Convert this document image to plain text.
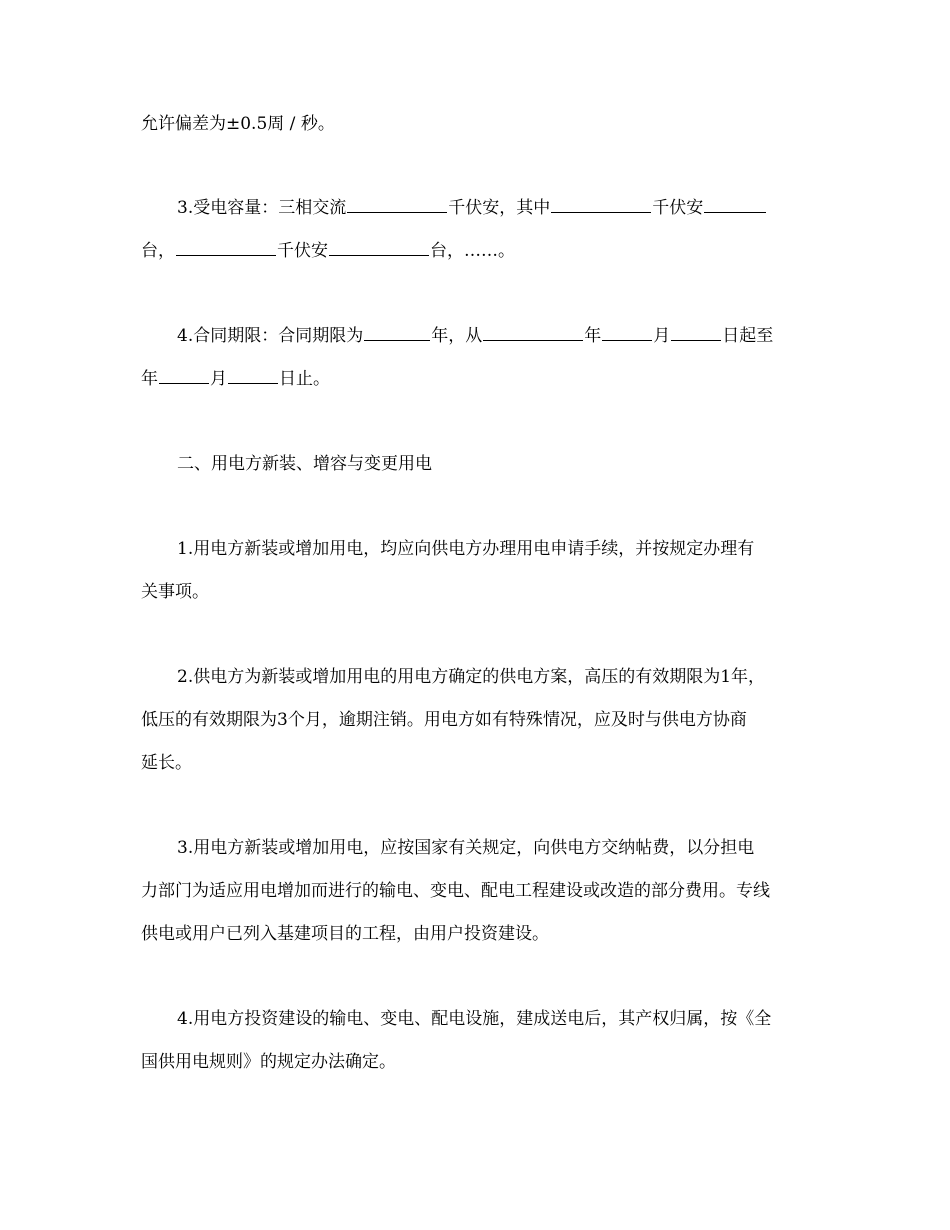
允许偏差为±0.5周 / 秒。

3.受电容量：三相交流	千伏安，其中	千伏安
台，	千伏安	台，……。
4.合同期限：合同期限为	年，从	年	月	日起至
年	月	日止。

二、用电方新装、增容与变更用电

1.用电方新装或增加用电，均应向供电方办理用电申请手续，并按规定办理有
关事项。
2.供电方为新装或增加用电的用电方确定的供电方案，高压的有效期限为1年，
低压的有效期限为3个月，逾期注销。用电方如有特殊情况，应及时与供电方协商
延长。
3.用电方新装或增加用电，应按国家有关规定，向供电方交纳帖费，以分担电
力部门为适应用电增加而进行的输电、变电、配电工程建设或改造的部分费用。专线
供电或用户已列入基建项目的工程，由用户投资建设。
4.用电方投资建设的输电、变电、配电设施，建成送电后，其产权归属，按《全
国供用电规则》的规定办法确定。
